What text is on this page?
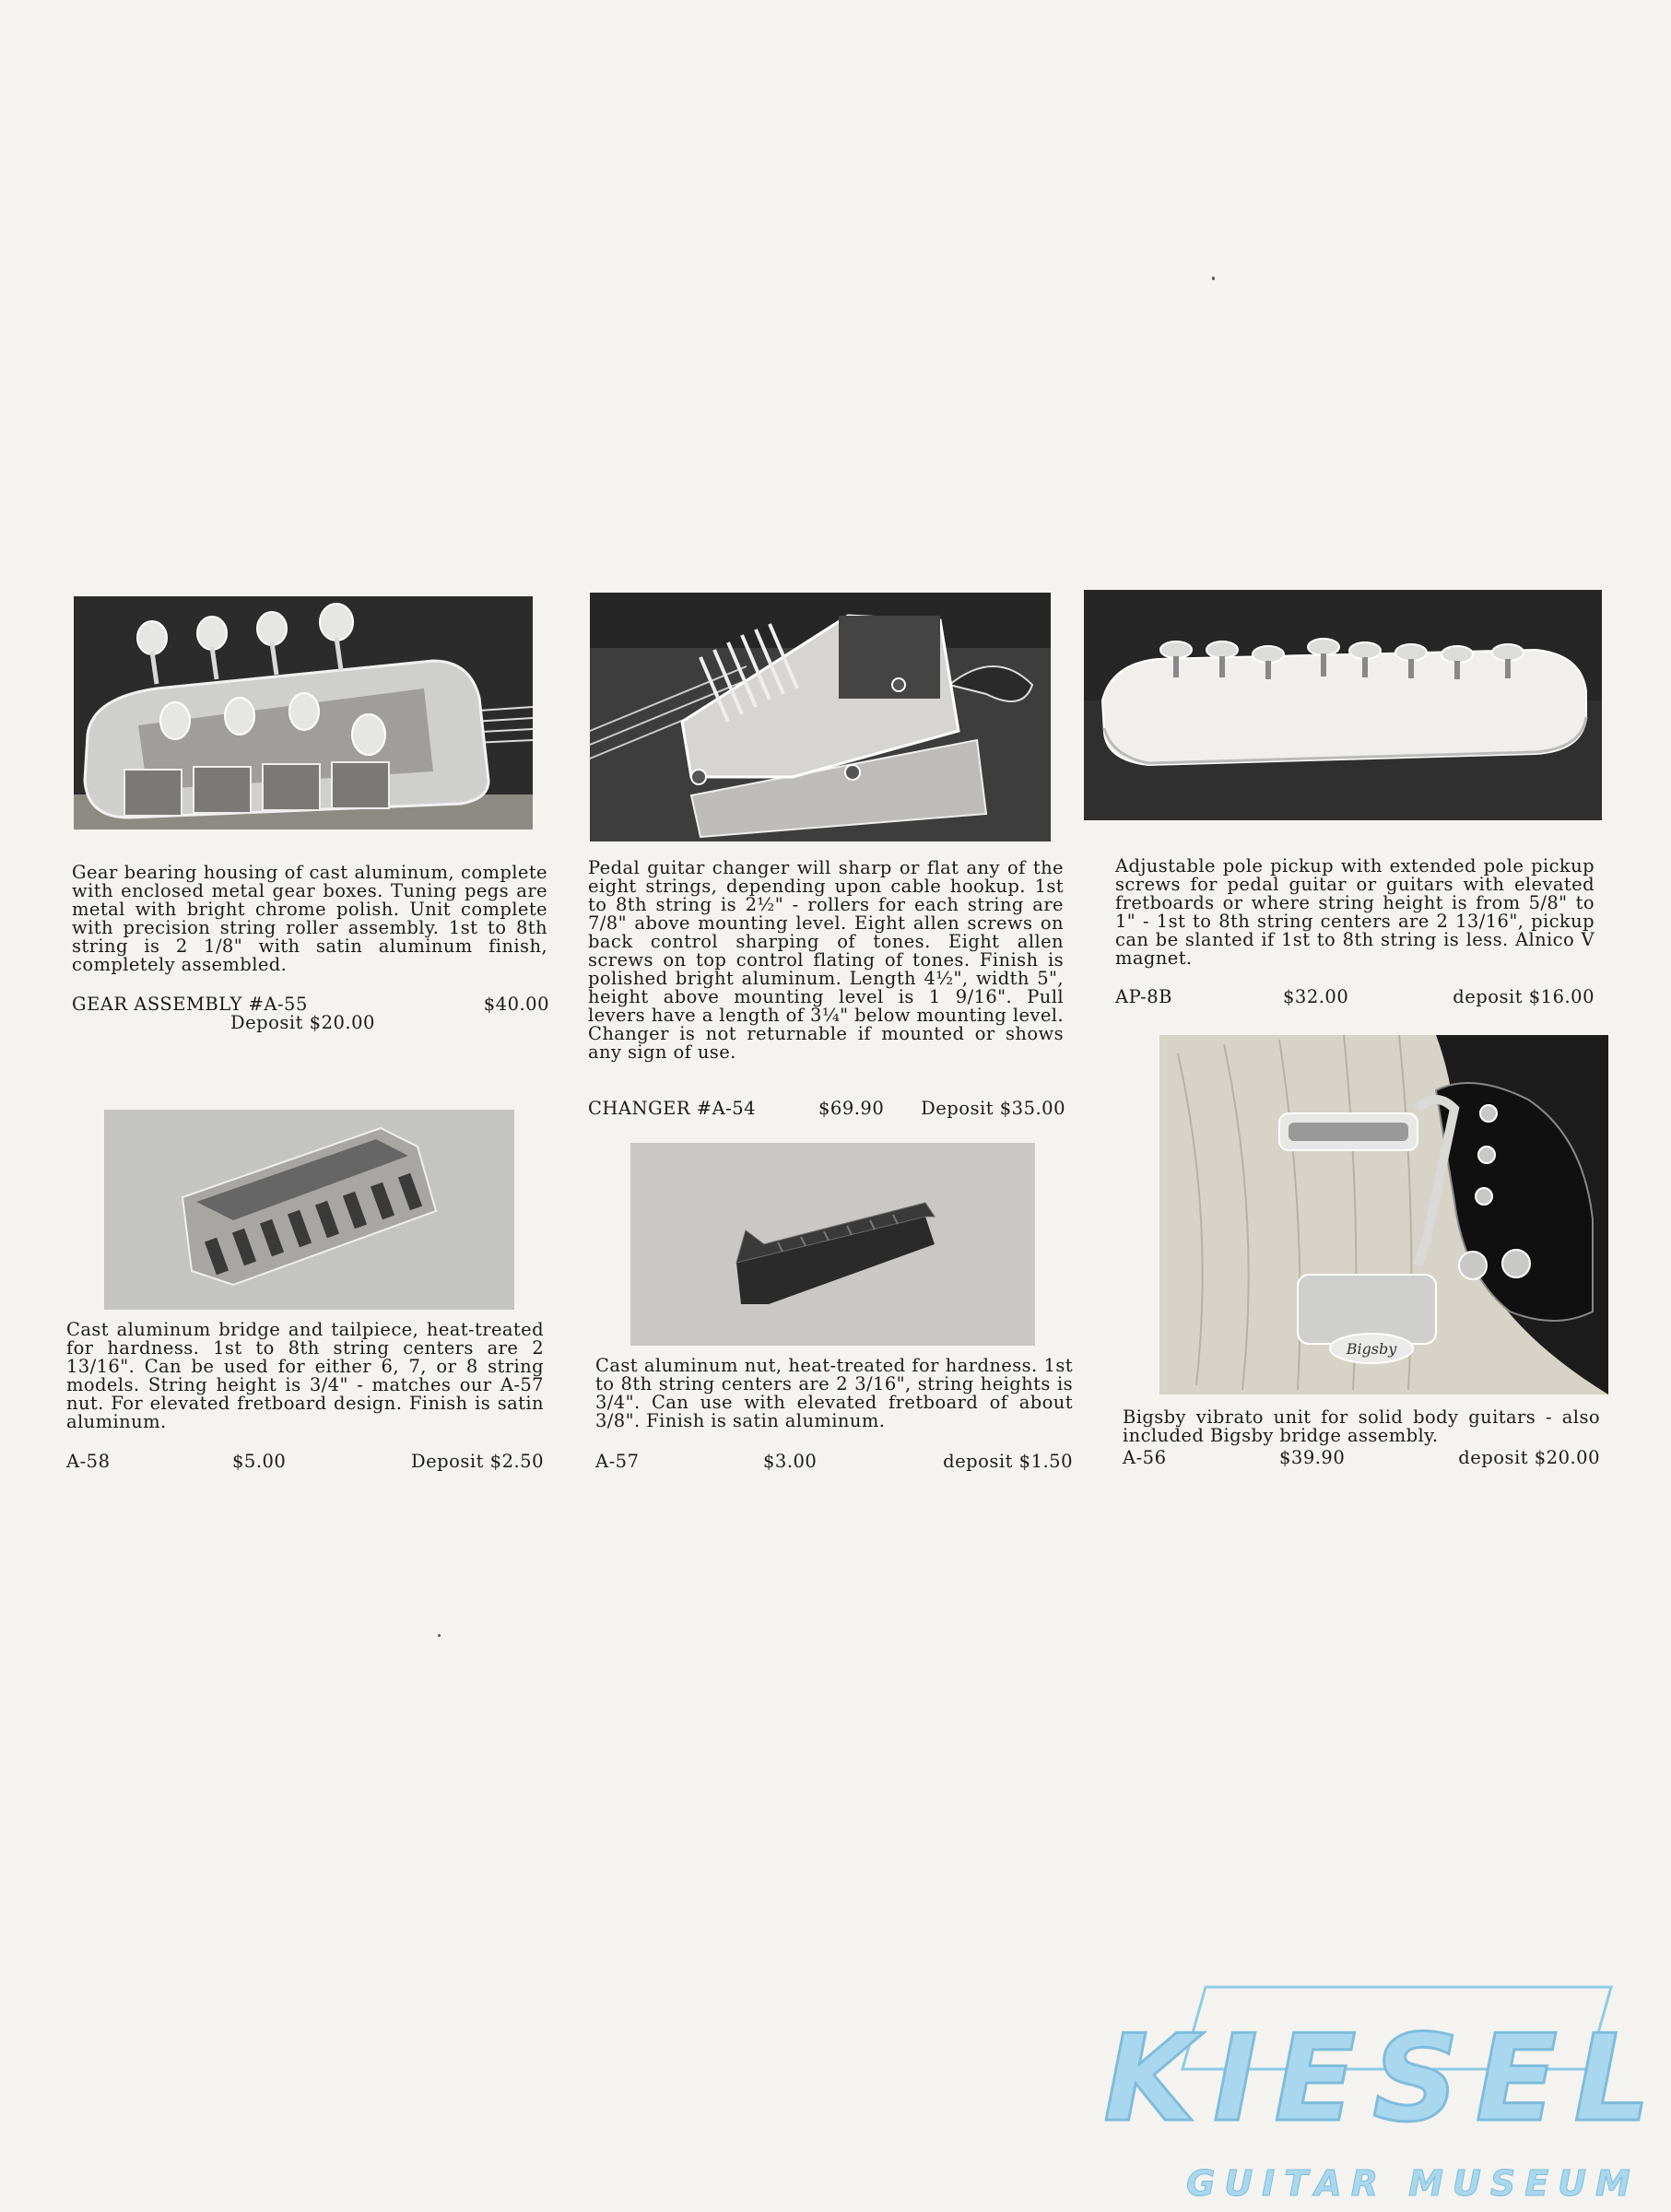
Gear bearing housing of cast aluminum, complete with enclosed metal gear boxes. Tuning pegs are metal with bright chrome polish. Unit complete with precision string roller assembly. 1st to 8th string is 2 1/8" with satin aluminum finish, completely assembled.

GEAR ASSEMBLY #A-55	$40.00
Deposit $20.00

Pedal guitar changer will sharp or flat any of the eight strings, depending upon cable hookup. 1st to 8th string is 2½" - rollers for each string are 7/8" above mounting level. Eight allen screws on back control sharping of tones. Eight allen screws on top control flating of tones. Finish is polished bright aluminum. Length 4½", width 5", height above mounting level is 1 9/16". Pull levers have a length of 3¼" below mounting level. Changer is not returnable if mounted or shows any sign of use.

CHANGER #A-54	$69.90 Deposit $35.00

Adjustable pole pickup with extended pole pickup screws for pedal guitar or guitars with elevated fretboards or where string height is from 5/8" to 1" - 1st to 8th string centers are 2 13/16", pickup can be slanted if 1st to 8th string is less. Alnico V magnet.

AP-8B	$32.00	deposit $16.00

Cast aluminum bridge and tailpiece, heat-treated for hardness. 1st to 8th string centers are 2 13/16". Can be used for either 6, 7, or 8 string models. String height is 3/4" - matches our A-57 nut. For elevated fretboard design. Finish is satin aluminum.

A-58	$5.00	Deposit $2.50

Cast aluminum nut, heat-treated for hardness. 1st to 8th string centers are 2 3/16", string heights is 3/4". Can use with elevated fretboard of about 3/8". Finish is satin aluminum.

A-57	$3.00	deposit $1.50
Bigsby

Bigsby vibrato unit for solid body guitars - also included Bigsby bridge assembly.

A-56	$39.90	deposit $20.00
KIESEL
GUITAR MUSEUM
